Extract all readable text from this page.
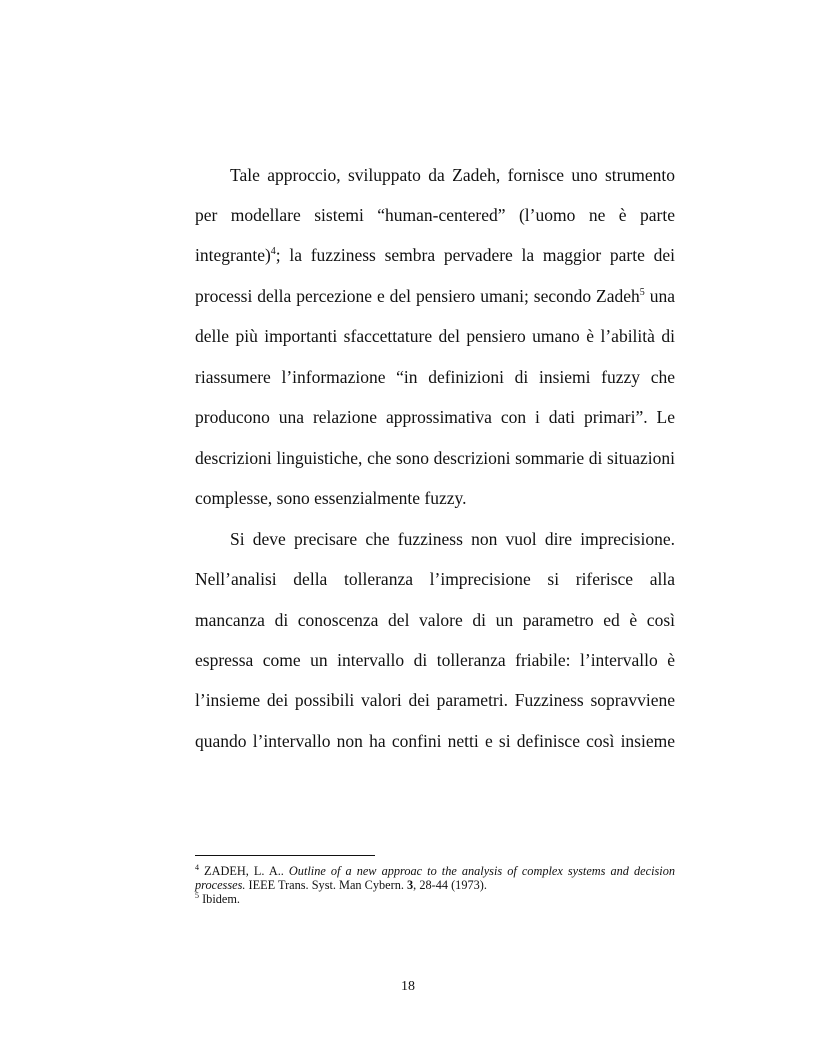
Tale approccio, sviluppato da Zadeh, fornisce uno strumento
per modellare sistemi “human-centered” (l’uomo ne è parte
integrante)$^4$; la fuzziness sembra pervadere la maggior parte dei
processi della percezione e del pensiero umani; secondo Zadeh$^5$ una
delle più importanti sfaccettature del pensiero umano è l’abilità di
riassumere l’informazione “in definizioni di insiemi fuzzy che
producono una relazione approssimativa con i dati primari”. Le
descrizioni linguistiche, che sono descrizioni sommarie di situazioni
complesse, sono essenzialmente fuzzy.
Si deve precisare che fuzziness non vuol dire imprecisione.
Nell’analisi della tolleranza l’imprecisione si riferisce alla
mancanza di conoscenza del valore di un parametro ed è così
espressa come un intervallo di tolleranza friabile: l’intervallo è
l’insieme dei possibili valori dei parametri. Fuzziness sopravviene
quando l’intervallo non ha confini netti e si definisce così insieme
$^4$ ZADEH, L. A.. Outline of a new approac to the analysis of complex systems and decision
processes. IEEE Trans. Syst. Man Cybern. 3, 28-44 (1973).
$^5$ Ibidem.
18
